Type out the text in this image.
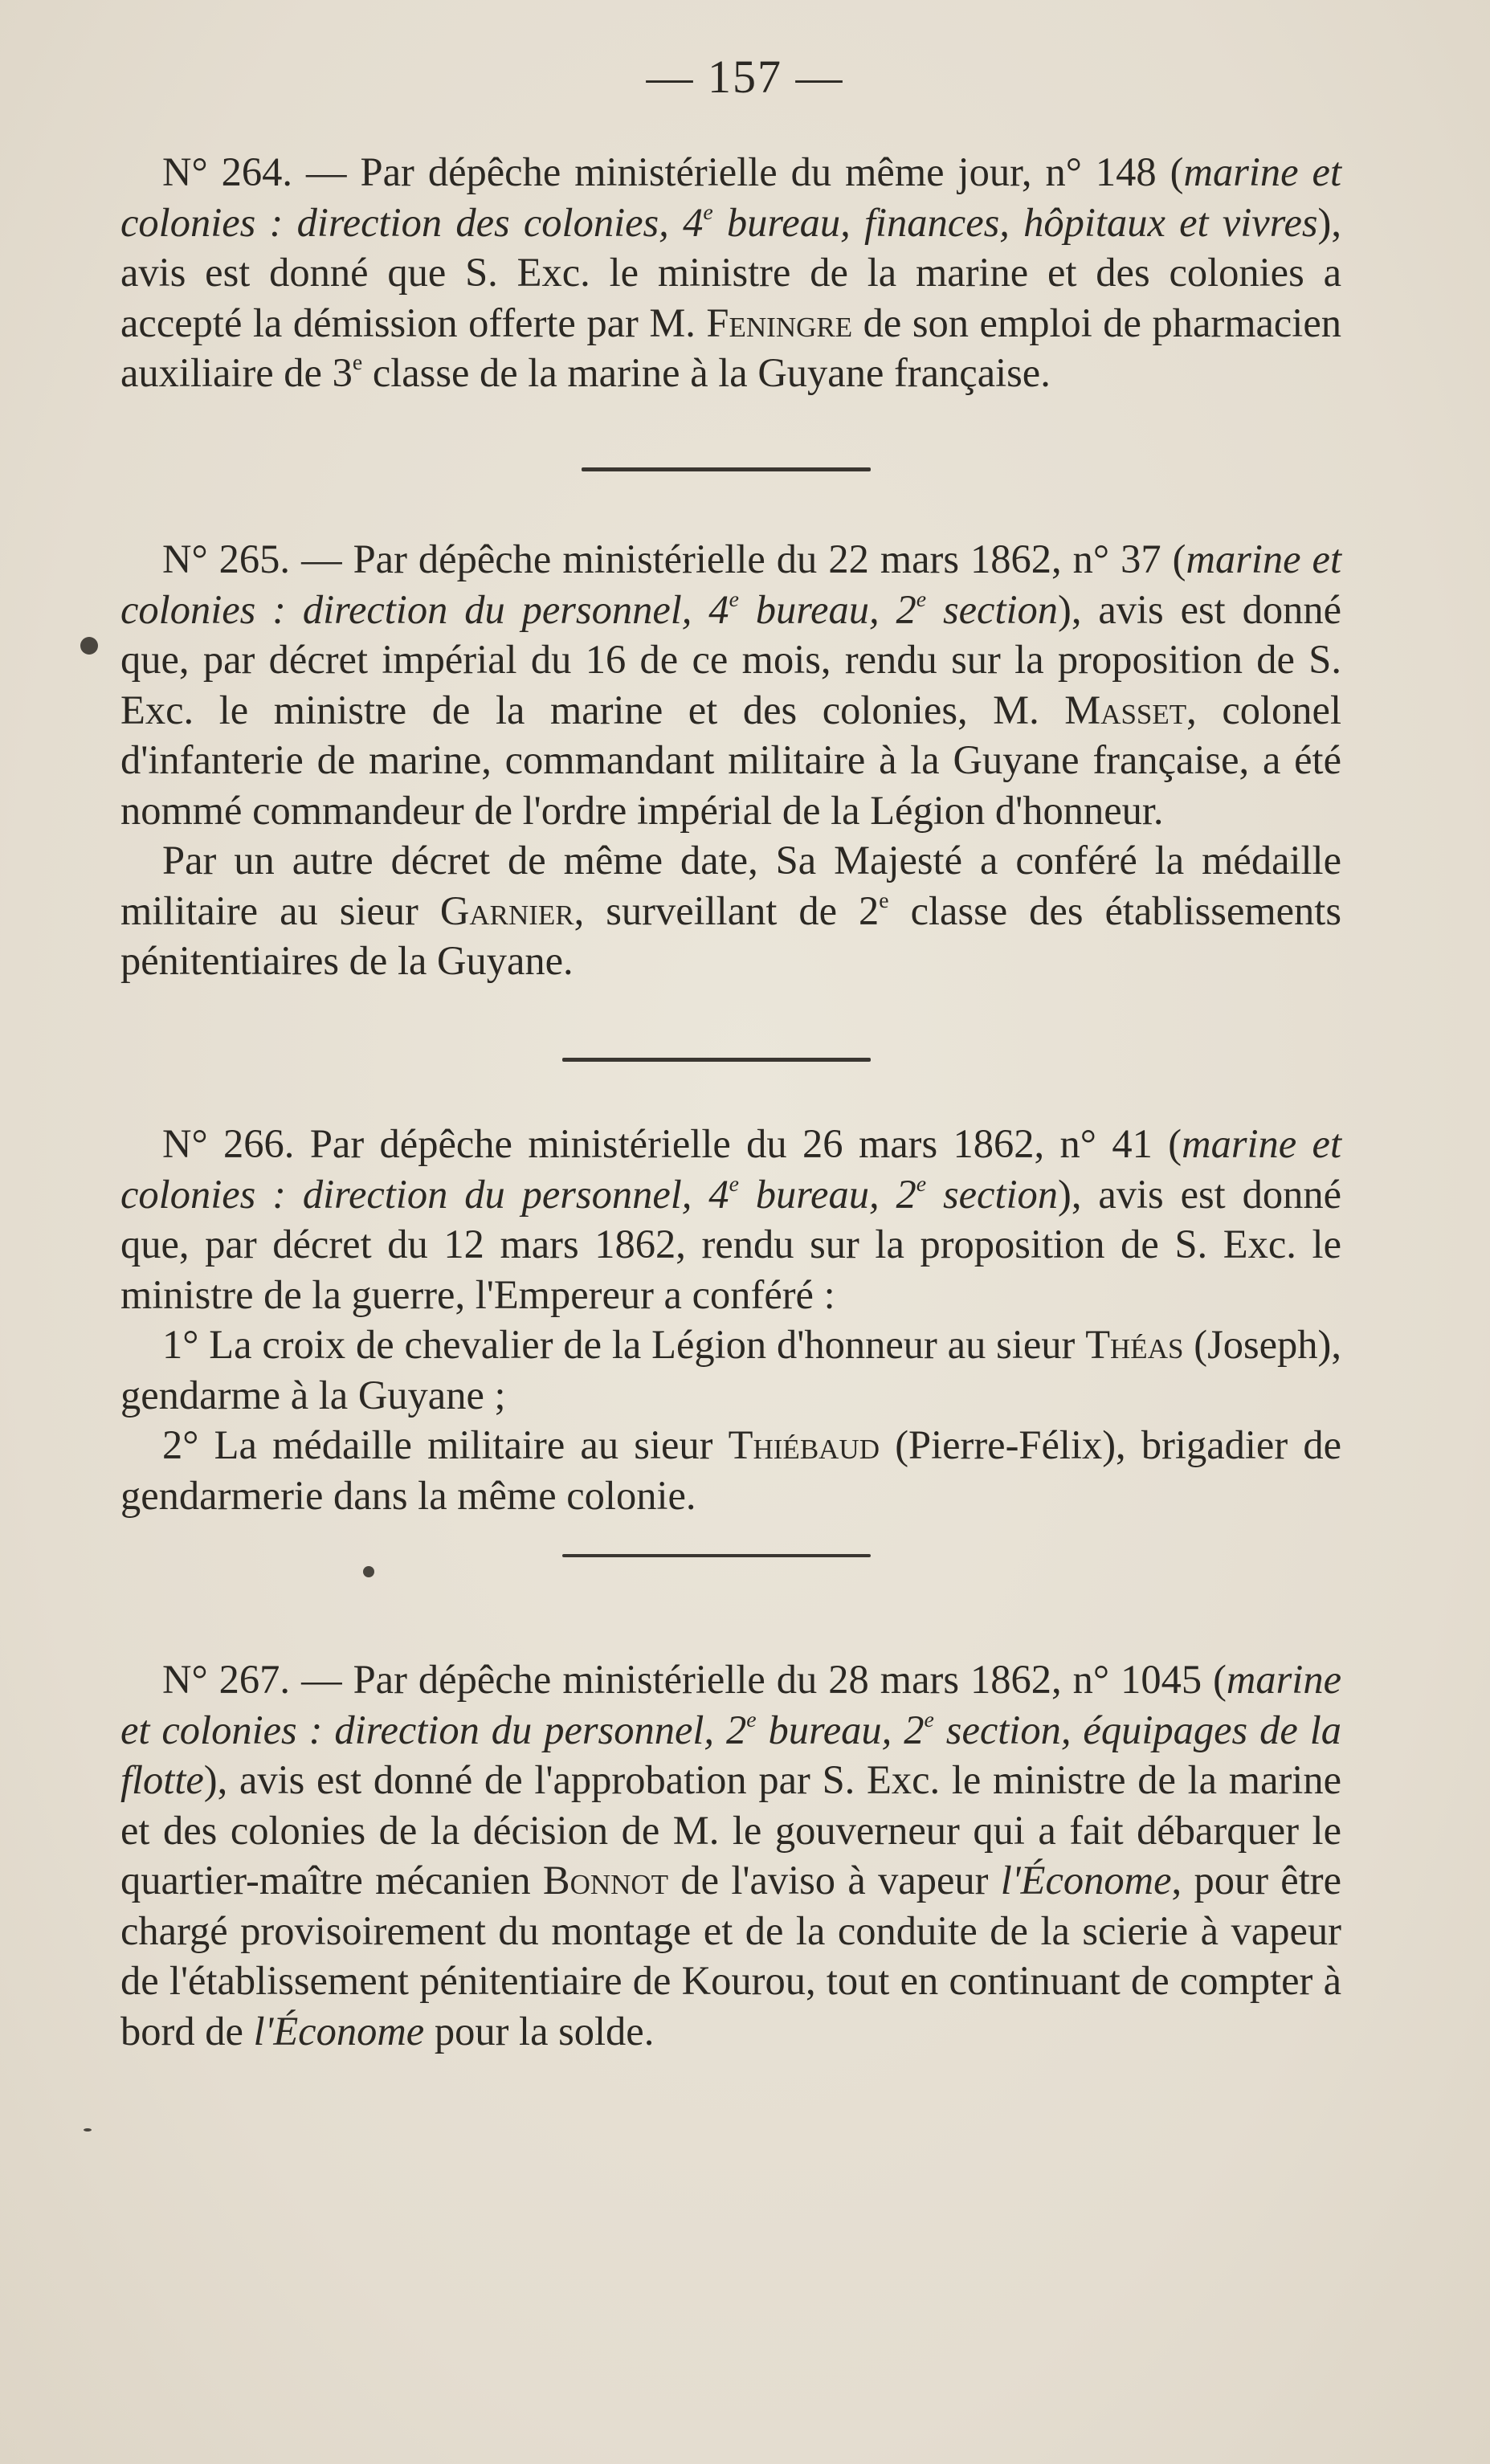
— 157 —

N° 264. — Par dépêche ministérielle du même jour, n° 148 (marine et colonies : direction des colonies, 4e bureau, finances, hôpitaux et vivres), avis est donné que S. Exc. le ministre de la marine et des colonies a accepté la démission offerte par M. Feningre de son emploi de pharmacien auxiliaire de 3e classe de la marine à la Guyane française.

N° 265. — Par dépêche ministérielle du 22 mars 1862, n° 37 (marine et colonies : direction du personnel, 4e bureau, 2e section), avis est donné que, par décret impérial du 16 de ce mois, rendu sur la proposition de S. Exc. le ministre de la marine et des colonies, M. Masset, colonel d'infanterie de marine, commandant militaire à la Guyane française, a été nommé commandeur de l'ordre impérial de la Légion d'honneur.

Par un autre décret de même date, Sa Majesté a conféré la médaille militaire au sieur Garnier, surveillant de 2e classe des établissements pénitentiaires de la Guyane.

N° 266. Par dépêche ministérielle du 26 mars 1862, n° 41 (marine et colonies : direction du personnel, 4e bureau, 2e section), avis est donné que, par décret du 12 mars 1862, rendu sur la proposition de S. Exc. le ministre de la guerre, l'Empereur a conféré :

1° La croix de chevalier de la Légion d'honneur au sieur Théas (Joseph), gendarme à la Guyane ;

2° La médaille militaire au sieur Thiébaud (Pierre-Félix), brigadier de gendarmerie dans la même colonie.

N° 267. — Par dépêche ministérielle du 28 mars 1862, n° 1045 (marine et colonies : direction du personnel, 2e bureau, 2e section, équipages de la flotte), avis est donné de l'approbation par S. Exc. le ministre de la marine et des colonies de la décision de M. le gouverneur qui a fait débarquer le quartier-maître mécanien Bonnot de l'aviso à vapeur l'Économe, pour être chargé provisoirement du montage et de la conduite de la scierie à vapeur de l'établissement pénitentiaire de Kourou, tout en continuant de compter à bord de l'Économe pour la solde.
